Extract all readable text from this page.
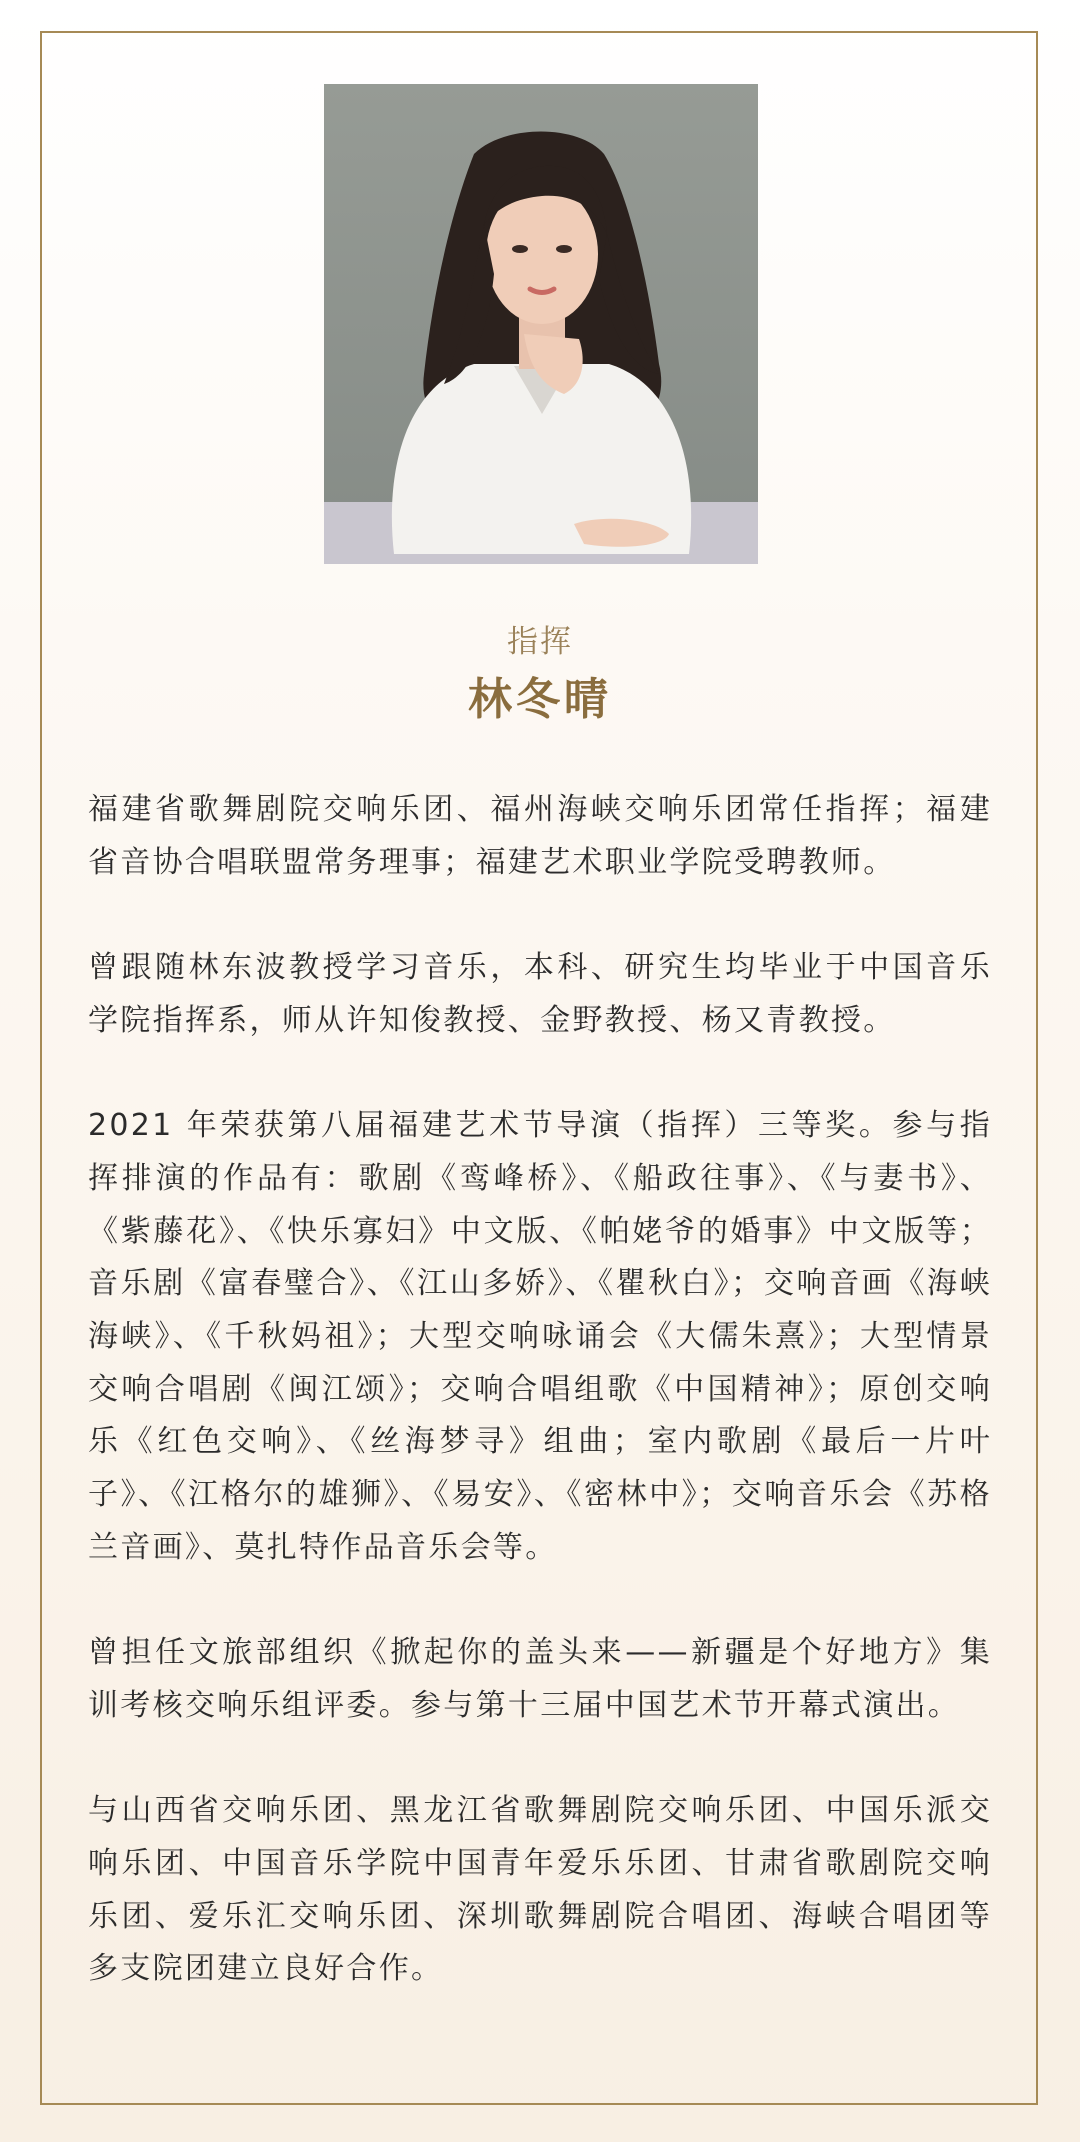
指挥
林冬晴

福建省歌舞剧院交响乐团、福州海峡交响乐团常任指挥；福建省音协合唱联盟常务理事；福建艺术职业学院受聘教师。

曾跟随林东波教授学习音乐，本科、研究生均毕业于中国音乐学院指挥系，师从许知俊教授、金野教授、杨又青教授。

2021 年荣获第八届福建艺术节导演（指挥）三等奖。参与指挥排演的作品有：歌剧《鸾峰桥》、《船政往事》、《与妻书》、《紫藤花》、《快乐寡妇》中文版、《帕姥爷的婚事》中文版等；音乐剧《富春璧合》、《江山多娇》、《瞿秋白》；交响音画《海峡 海峡》、《千秋妈祖》；大型交响咏诵会《大儒朱熹》；大型情景交响合唱剧《闽江颂》；交响合唱组歌《中国精神》；原创交响乐《红色交响》、《丝海梦寻》组曲；室内歌剧《最后一片叶子》、《江格尔的雄狮》、《易安》、《密林中》；交响音乐会《苏格兰音画》、莫扎特作品音乐会等。

曾担任文旅部组织《掀起你的盖头来——新疆是个好地方》集训考核交响乐组评委。参与第十三届中国艺术节开幕式演出。

与山西省交响乐团、黑龙江省歌舞剧院交响乐团、中国乐派交响乐团、中国音乐学院中国青年爱乐乐团、甘肃省歌剧院交响乐团、爱乐汇交响乐团、深圳歌舞剧院合唱团、海峡合唱团等多支院团建立良好合作。
